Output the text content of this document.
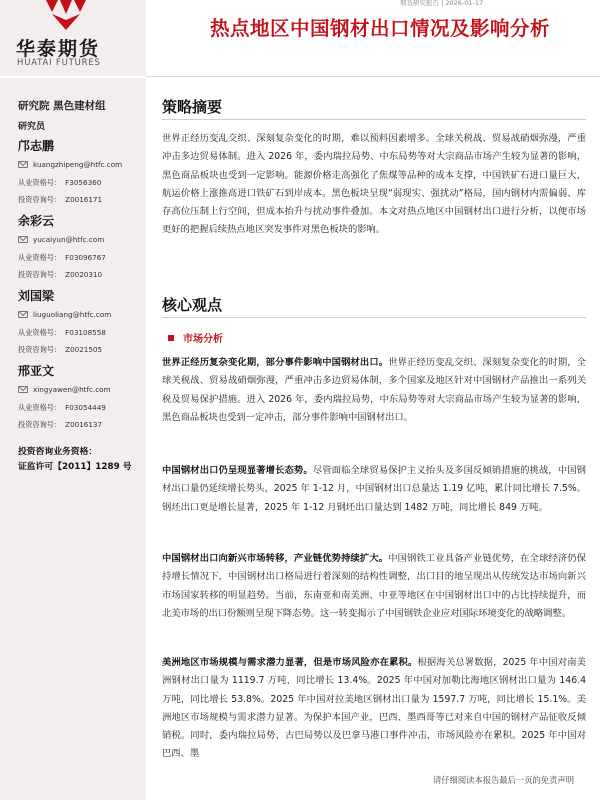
华泰期货
HUATAI FUTURES
期货研究报告 | 2026-01-17
热点地区中国钢材出口情况及影响分析
研究院 黑色建材组
研究员
邝志鹏
kuangzhipeng@htfc.com
从业资格号： F3056360
投资咨询号： Z0016171
余彩云
yucaiyun@htfc.com
从业资格号： F03096767
投资咨询号： Z0020310
刘国梁
liuguoliang@htfc.com
从业资格号： F03108558
投资咨询号： Z0021505
邢亚文
xingyawen@htfc.com
从业资格号： F03054449
投资咨询号： Z0016137
投资咨询业务资格：
证监许可【2011】1289 号
策略摘要

世界正经历变乱交织、深刻复杂变化的时期，难以预料因素增多。全球关税战、贸易战硝烟弥漫，严重冲击多边贸易体制。进入 2026 年，委内瑞拉局势、中东局势等对大宗商品市场产生较为显著的影响，黑色商品板块也受到一定影响。能源价格走高强化了焦煤等品种的成本支撑，中国铁矿石进口量巨大，航运价格上涨推高进口铁矿石到岸成本。黑色板块呈现“弱现实、强扰动”格局，国内钢材内需偏弱、库存高位压制上行空间，但成本抬升与扰动事件叠加。本文对热点地区中国钢材出口进行分析，以便市场更好的把握后续热点地区突发事件对黑色板块的影响。

核心观点
市场分析

世界正经历复杂变化期，部分事件影响中国钢材出口。世界正经历变乱交织、深刻复杂变化的时期，全球关税战、贸易战硝烟弥漫，严重冲击多边贸易体制，多个国家及地区针对中国钢材产品推出一系列关税及贸易保护措施。进入 2026 年，委内瑞拉局势，中东局势等对大宗商品市场产生较为显著的影响，黑色商品板块也受到一定冲击，部分事件影响中国钢材出口。

中国钢材出口仍呈现显著增长态势。尽管面临全球贸易保护主义抬头及多国反倾销措施的挑战，中国钢材出口量仍延续增长势头，2025 年 1-12 月，中国钢材出口总量达 1.19 亿吨，累计同比增长 7.5%。钢坯出口更是增长显著，2025 年 1-12 月钢坯出口量达到 1482 万吨，同比增长 849 万吨。

中国钢材出口向新兴市场转移，产业链优势持续扩大。中国钢铁工业具备产业链优势，在全球经济仍保持增长情况下，中国钢材出口格局进行着深刻的结构性调整，出口目的地呈现出从传统发达市场向新兴市场国家转移的明显趋势。当前，东南亚和南美洲、中亚等地区在中国钢材出口中的占比持续提升，而北美市场的出口份额则呈现下降态势。这一转变揭示了中国钢铁企业应对国际环境变化的战略调整。

美洲地区市场规模与需求潜力显著，但是市场风险亦在累积。根据海关总署数据，2025 年中国对南美洲钢材出口量为 1119.7 万吨，同比增长 13.4%。2025 年中国对加勒比海地区钢材出口量为 146.4 万吨，同比增长 53.8%。2025 年中国对拉美地区钢材出口量为 1597.7 万吨，同比增长 15.1%。美洲地区市场规模与需求潜力显著。为保护本国产业，巴西、墨西哥等已对来自中国的钢材产品征收反倾销税。同时，委内瑞拉局势、古巴局势以及巴拿马港口事件冲击，市场风险亦在累积。2025 年中国对巴西、墨

请仔细阅读本报告最后一页的免责声明
